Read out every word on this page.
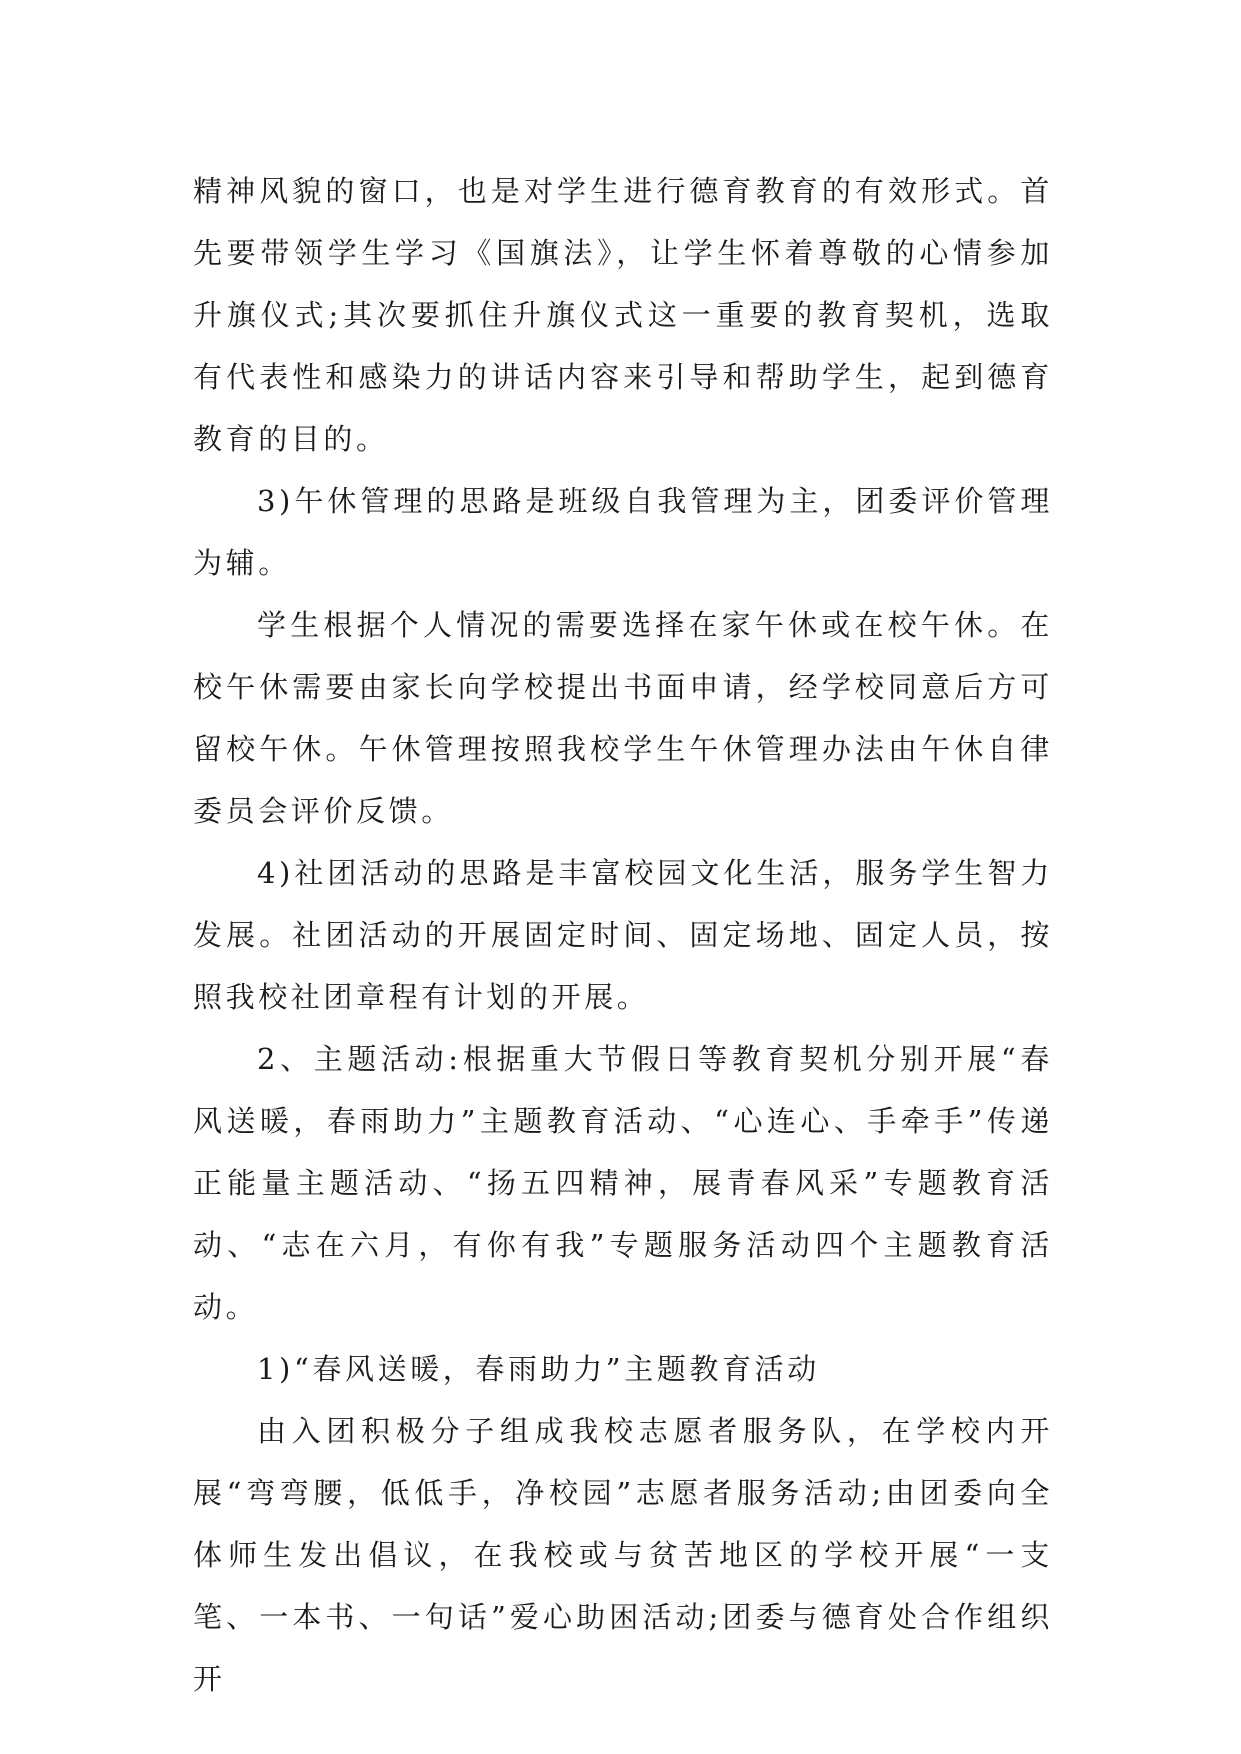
精神风貌的窗口，也是对学生进行德育教育的有效形式。首先要带领学生学习《国旗法》，让学生怀着尊敬的心情参加升旗仪式;其次要抓住升旗仪式这一重要的教育契机，选取有代表性和感染力的讲话内容来引导和帮助学生，起到德育教育的目的。

3)午休管理的思路是班级自我管理为主，团委评价管理为辅。

学生根据个人情况的需要选择在家午休或在校午休。在校午休需要由家长向学校提出书面申请，经学校同意后方可留校午休。午休管理按照我校学生午休管理办法由午休自律委员会评价反馈。

4)社团活动的思路是丰富校园文化生活，服务学生智力发展。社团活动的开展固定时间、固定场地、固定人员，按照我校社团章程有计划的开展。

2、主题活动:根据重大节假日等教育契机分别开展“春风送暖，春雨助力”主题教育活动、“心连心、手牵手”传递正能量主题活动、“扬五四精神，展青春风采”专题教育活动、“志在六月，有你有我”专题服务活动四个主题教育活动。

1)“春风送暖，春雨助力”主题教育活动

由入团积极分子组成我校志愿者服务队，在学校内开展“弯弯腰，低低手，净校园”志愿者服务活动;由团委向全体师生发出倡议，在我校或与贫苦地区的学校开展“一支笔、一本书、一句话”爱心助困活动;团委与德育处合作组织开
